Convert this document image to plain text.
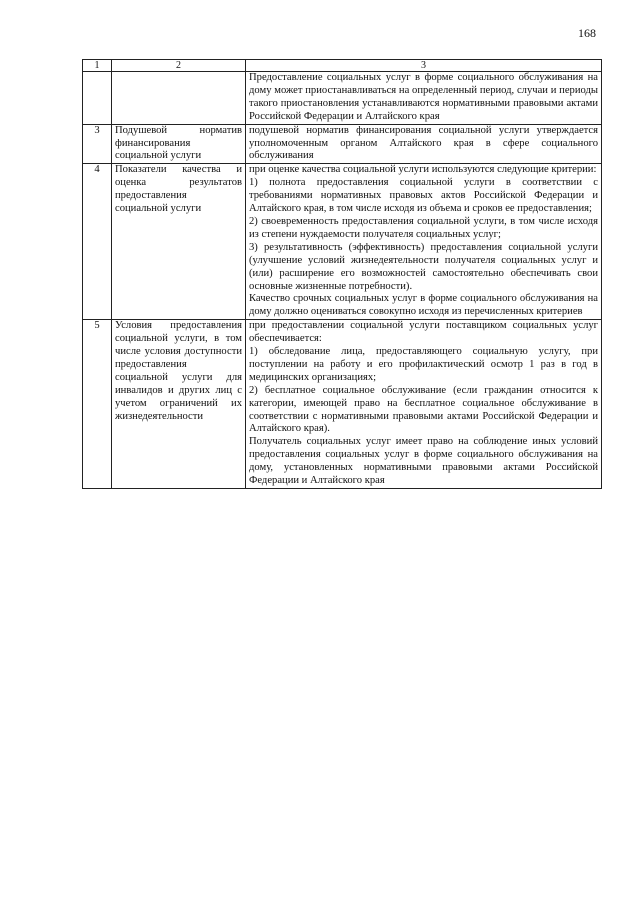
168
1	2	3

		Предоставление социальных услуг в форме социального обслуживания на дому может приостанавливаться на определенный период, случаи и периоды такого приостановления устанавливаются нормативными правовыми актами Российской Федерации и Алтайского края

3	Подушевой норматив финансирования социальной услуги	подушевой норматив финансирования социальной услуги утверждается уполномоченным органом Алтайского края в сфере социального обслуживания

4	Показатели качества и оценка результатов предоставления социальной услуги	при оценке качества социальной услуги используются следующие критерии:
1) полнота предоставления социальной услуги в соответствии с требованиями нормативных правовых актов Российской Федерации и Алтайского края, в том числе исходя из объема и сроков ее предоставления;
2) своевременность предоставления социальной услуги, в том числе исходя из степени нуждаемости получателя социальных услуг;
3) результативность (эффективность) предоставления социальной услуги (улучшение условий жизнедеятельности получателя социальных услуг и (или) расширение его возможностей самостоятельно обеспечивать свои основные жизненные потребности).
Качество срочных социальных услуг в форме социального обслуживания на дому должно оцениваться совокупно исходя из перечисленных критериев

5	Условия предоставления социальной услуги, в том числе условия доступности предоставления социальной услуги для инвалидов и других лиц с учетом ограничений их жизнедеятельности	при предоставлении социальной услуги поставщиком социальных услуг обеспечивается:
1) обследование лица, предоставляющего социальную услугу, при поступлении на работу и его профилактический осмотр 1 раз в год в медицинских организациях;
2) бесплатное социальное обслуживание (если гражданин относится к категории, имеющей право на бесплатное социальное обслуживание в соответствии с нормативными правовыми актами Российской Федерации и Алтайского края).
Получатель социальных услуг имеет право на соблюдение иных условий предоставления социальных услуг в форме социального обслуживания на дому, установленных нормативными правовыми актами Российской Федерации и Алтайского края
